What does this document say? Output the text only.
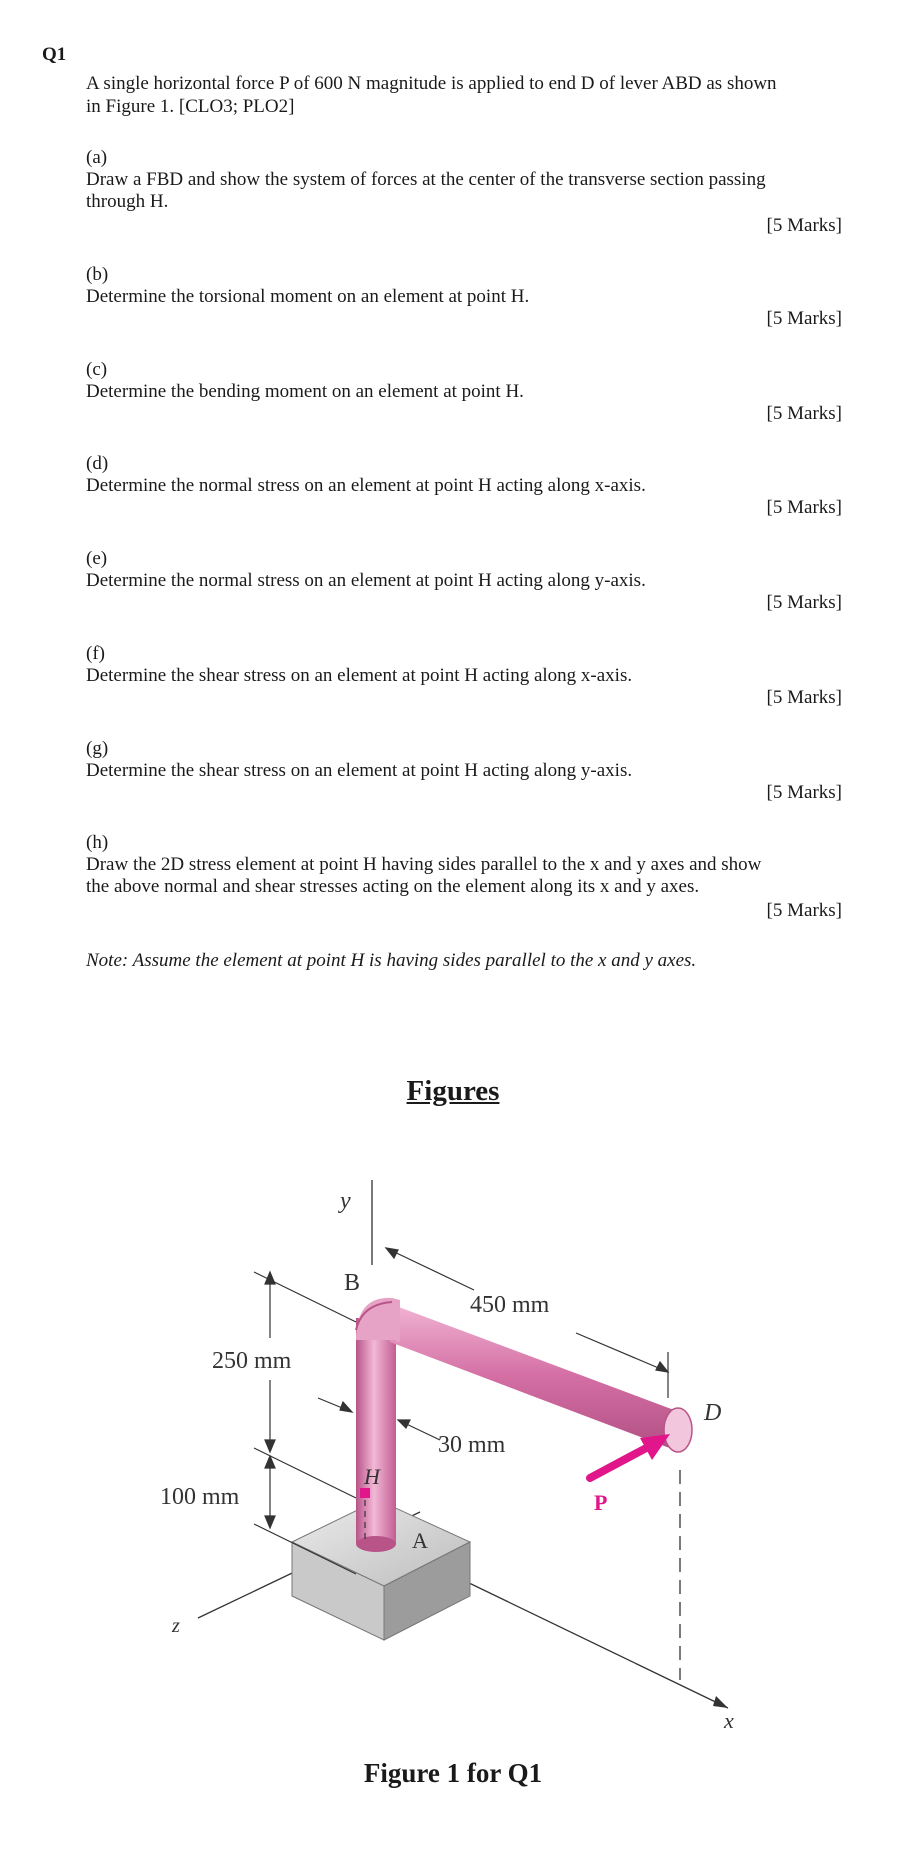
Q1
A single horizontal force P of 600 N magnitude is applied to end D of lever ABD as shown
in Figure 1. [CLO3; PLO2]
(a)
Draw a FBD and show the system of forces at the center of the transverse section passing
through H.
[5 Marks]
(b)
Determine the torsional moment on an element at point H.
[5 Marks]
(c)
Determine the bending moment on an element at point H.
[5 Marks]
(d)
Determine the normal stress on an element at point H acting along x-axis.
[5 Marks]
(e)
Determine the normal stress on an element at point H acting along y-axis.
[5 Marks]
(f)
Determine the shear stress on an element at point H acting along x-axis.
[5 Marks]
(g)
Determine the shear stress on an element at point H acting along y-axis.
[5 Marks]
(h)
Draw the 2D stress element at point H having sides parallel to the x and y axes and show
the above normal and shear stresses acting on the element along its x and y axes.
[5 Marks]
Note: Assume the element at point H is having sides parallel to the x and y axes.
Figures
y
B
450 mm
250 mm
D
30 mm
100 mm
H
P
A
z
x
Figure 1 for Q1
